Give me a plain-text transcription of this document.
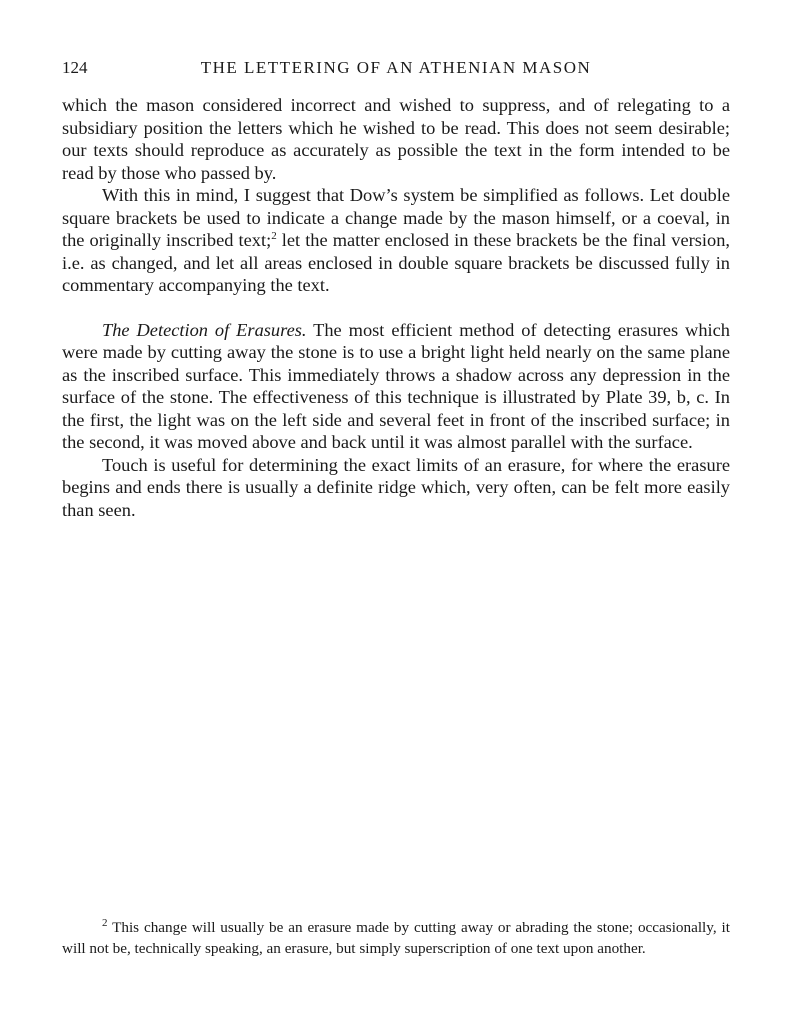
124	THE LETTERING OF AN ATHENIAN MASON

which the mason considered incorrect and wished to suppress, and of relegating to a subsidiary position the letters which he wished to be read. This does not seem desirable; our texts should reproduce as accurately as possible the text in the form intended to be read by those who passed by.

With this in mind, I suggest that Dow’s system be simplified as follows. Let double square brackets be used to indicate a change made by the mason himself, or a coeval, in the originally inscribed text;$^2$ let the matter enclosed in these brackets be the final version, i.e. as changed, and let all areas enclosed in double square brackets be discussed fully in commentary accompanying the text.

The Detection of Erasures. The most efficient method of detecting erasures which were made by cutting away the stone is to use a bright light held nearly on the same plane as the inscribed surface. This immediately throws a shadow across any depression in the surface of the stone. The effectiveness of this technique is illustrated by Plate 39, b, c. In the first, the light was on the left side and several feet in front of the inscribed surface; in the second, it was moved above and back until it was almost parallel with the surface.

Touch is useful for determining the exact limits of an erasure, for where the erasure begins and ends there is usually a definite ridge which, very often, can be felt more easily than seen.

$^2$ This change will usually be an erasure made by cutting away or abrading the stone; occasionally, it will not be, technically speaking, an erasure, but simply superscription of one text upon another.
